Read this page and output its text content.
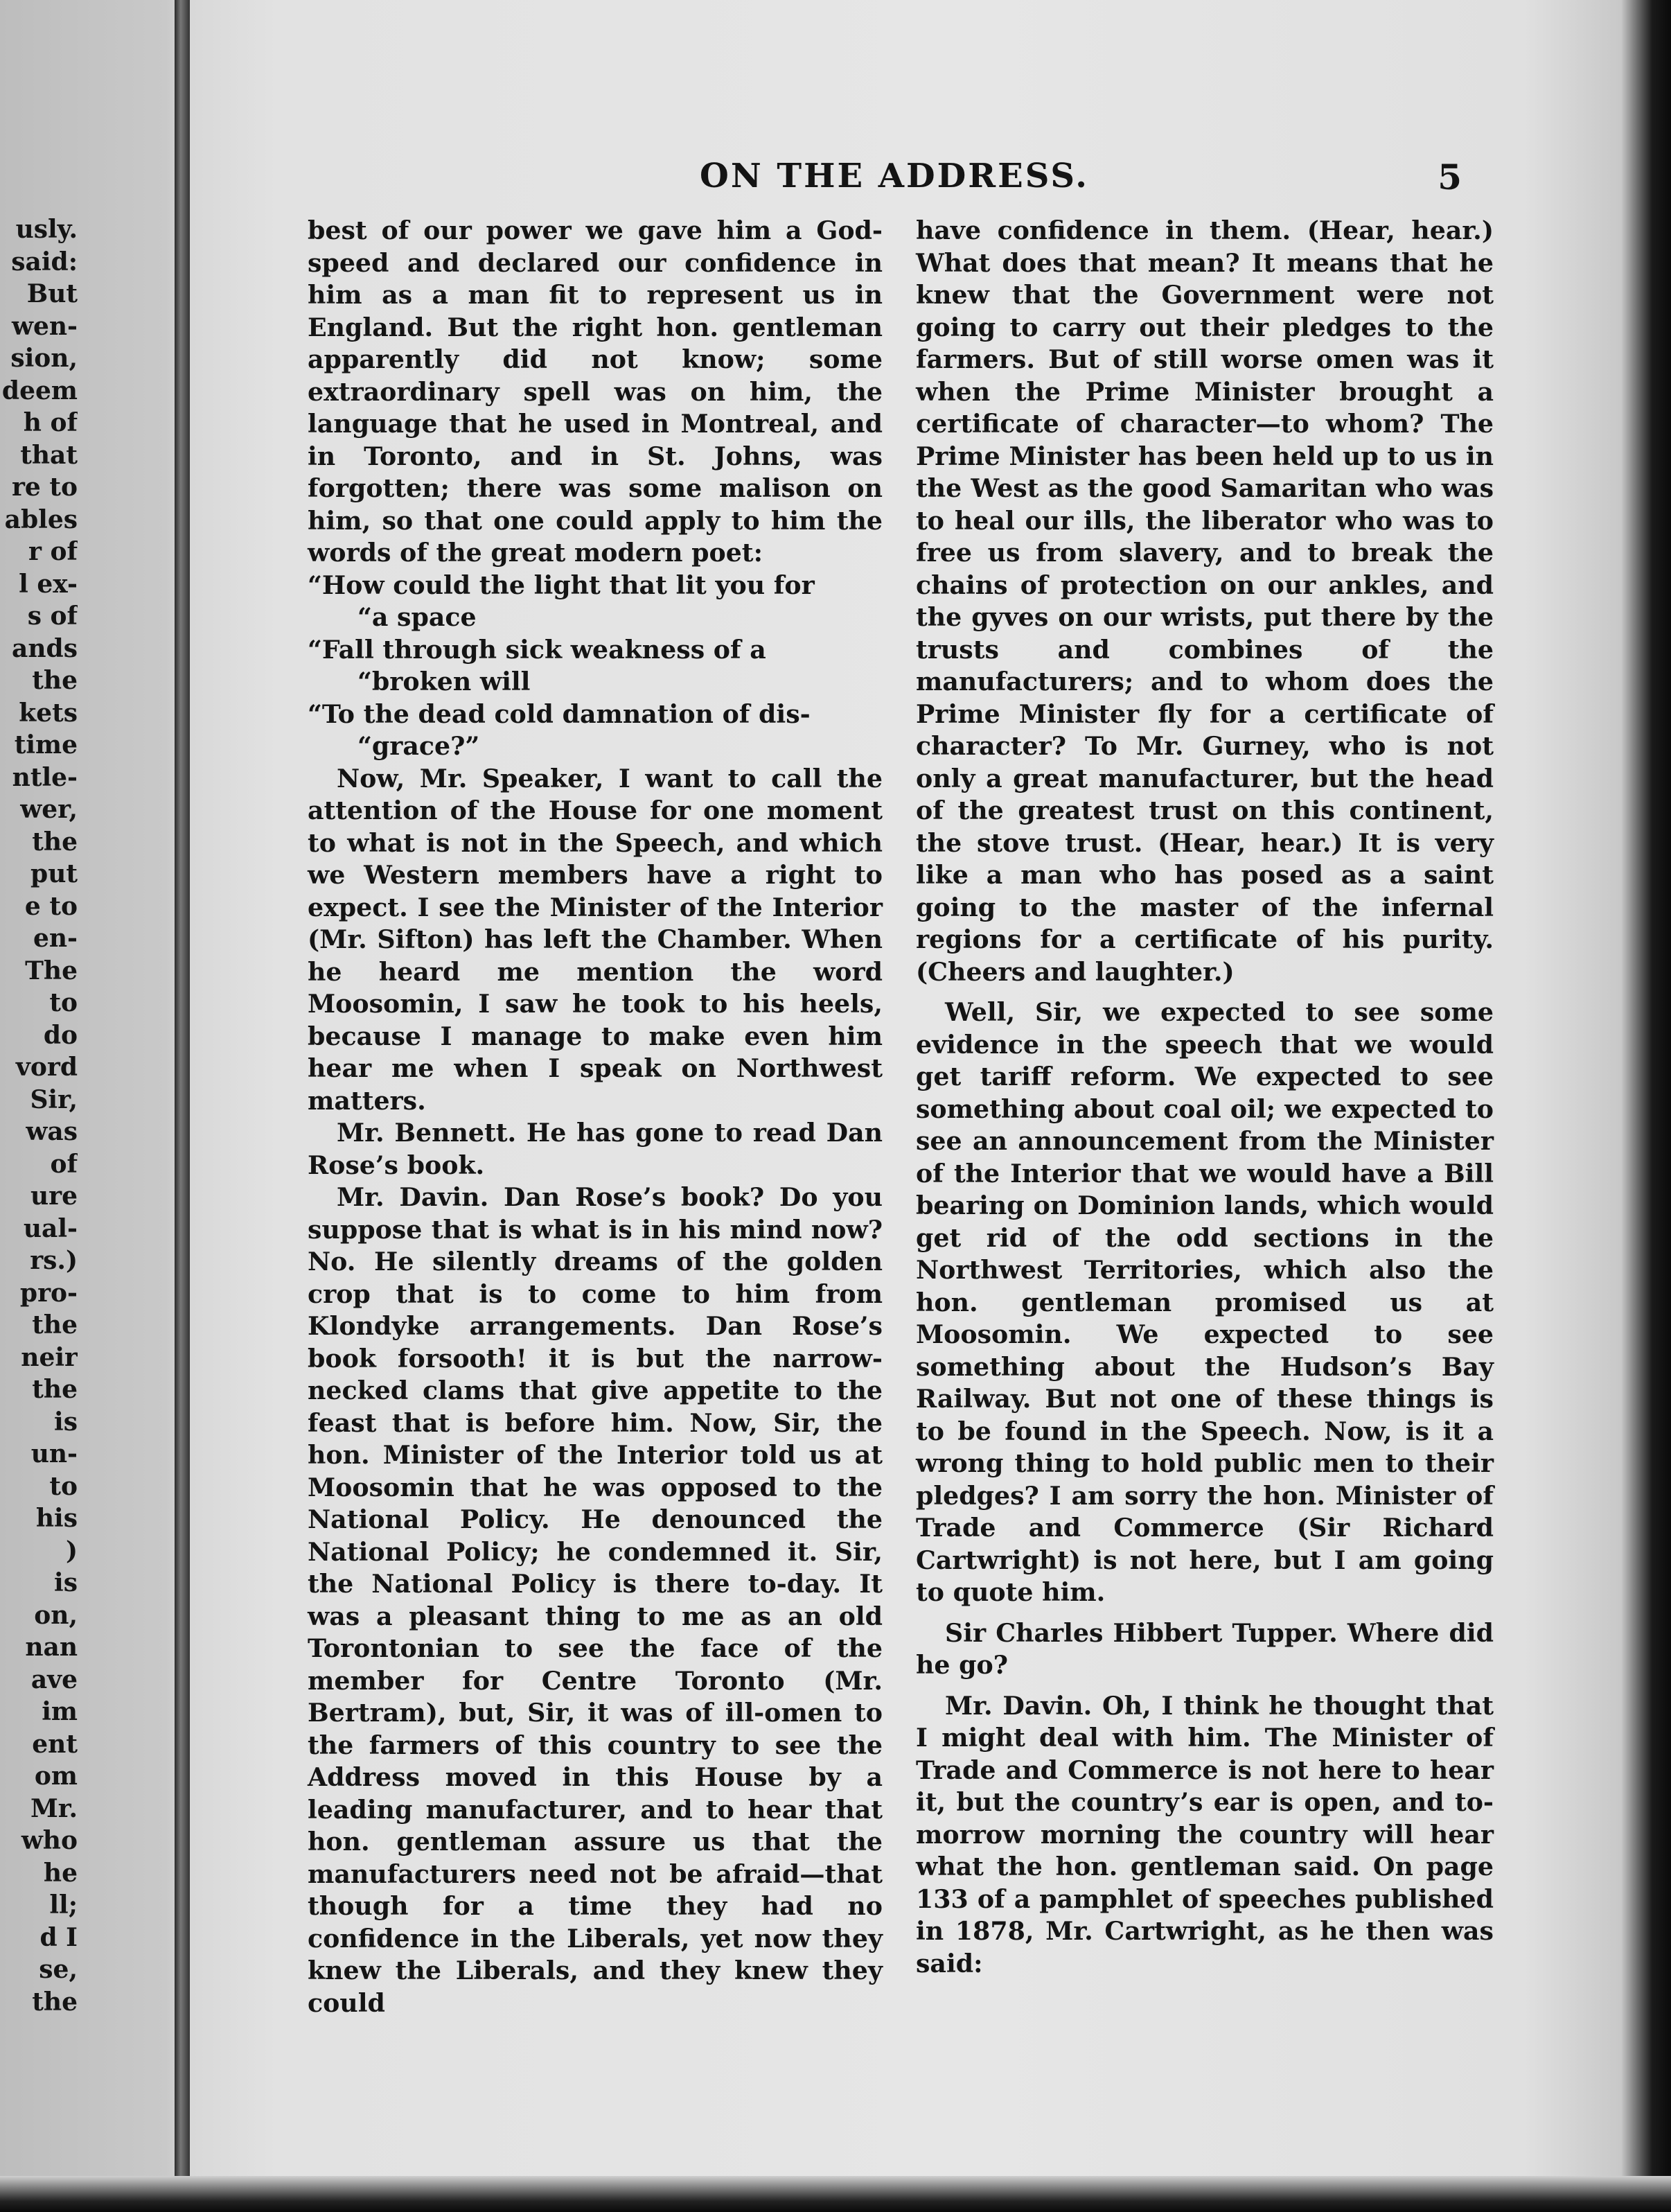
ON THE ADDRESS.	5
usly.
said:
But
wen-
sion,
deem
h of
that
re to
ables
r of
l ex-
s of
ands
the
kets
time
ntle-
wer,
the
put
e to
en-
The
to
do
vord
Sir,
was
of
ure
ual-
rs.)
pro-
the
neir
the
is
un-
to
his
)
is
on,
nan
ave
im
ent
om
Mr.
who
he
ll;
d I
se,
the

best of our power we gave him a God-speed and declared our confidence in him as a man fit to represent us in England. But the right hon. gentleman apparently did not know; some extraordinary spell was on him, the language that he used in Montreal, and in Toronto, and in St. Johns, was forgotten; there was some malison on him, so that one could apply to him the words of the great modern poet:

“How could the light that lit you for
“a space
“Fall through sick weakness of a
“broken will
“To the dead cold damnation of dis-
“grace?”

Now, Mr. Speaker, I want to call the attention of the House for one moment to what is not in the Speech, and which we Western members have a right to expect. I see the Minister of the Interior (Mr. Sifton) has left the Chamber. When he heard me mention the word Moosomin, I saw he took to his heels, because I manage to make even him hear me when I speak on Northwest matters.

Mr. Bennett. He has gone to read Dan Rose’s book.

Mr. Davin. Dan Rose’s book? Do you suppose that is what is in his mind now? No. He silently dreams of the golden crop that is to come to him from Klondyke arrangements. Dan Rose’s book forsooth! it is but the narrow-necked clams that give appetite to the feast that is before him. Now, Sir, the hon. Minister of the Interior told us at Moosomin that he was opposed to the National Policy. He denounced the National Policy; he condemned it. Sir, the National Policy is there to-day. It was a pleasant thing to me as an old Torontonian to see the face of the member for Centre Toronto (Mr. Bertram), but, Sir, it was of ill-omen to the farmers of this country to see the Address moved in this House by a leading manufacturer, and to hear that hon. gentleman assure us that the manufacturers need not be afraid—that though for a time they had no confidence in the Liberals, yet now they knew the Liberals, and they knew they could

have confidence in them. (Hear, hear.) What does that mean? It means that he knew that the Government were not going to carry out their pledges to the farmers. But of still worse omen was it when the Prime Minister brought a certificate of character—to whom? The Prime Minister has been held up to us in the West as the good Samaritan who was to heal our ills, the liberator who was to free us from slavery, and to break the chains of protection on our ankles, and the gyves on our wrists, put there by the trusts and combines of the manufacturers; and to whom does the Prime Minister fly for a certificate of character? To Mr. Gurney, who is not only a great manufacturer, but the head of the greatest trust on this continent, the stove trust. (Hear, hear.) It is very like a man who has posed as a saint going to the master of the infernal regions for a certificate of his purity. (Cheers and laughter.)

Well, Sir, we expected to see some evidence in the speech that we would get tariff reform. We expected to see something about coal oil; we expected to see an announcement from the Minister of the Interior that we would have a Bill bearing on Dominion lands, which would get rid of the odd sections in the Northwest Territories, which also the hon. gentleman promised us at Moosomin. We expected to see something about the Hudson’s Bay Railway. But not one of these things is to be found in the Speech. Now, is it a wrong thing to hold public men to their pledges? I am sorry the hon. Minister of Trade and Commerce (Sir Richard Cartwright) is not here, but I am going to quote him.

Sir Charles Hibbert Tupper. Where did he go?

Mr. Davin. Oh, I think he thought that I might deal with him. The Minister of Trade and Commerce is not here to hear it, but the country’s ear is open, and to-morrow morning the country will hear what the hon. gentleman said. On page 133 of a pamphlet of speeches published in 1878, Mr. Cartwright, as he then was said:
